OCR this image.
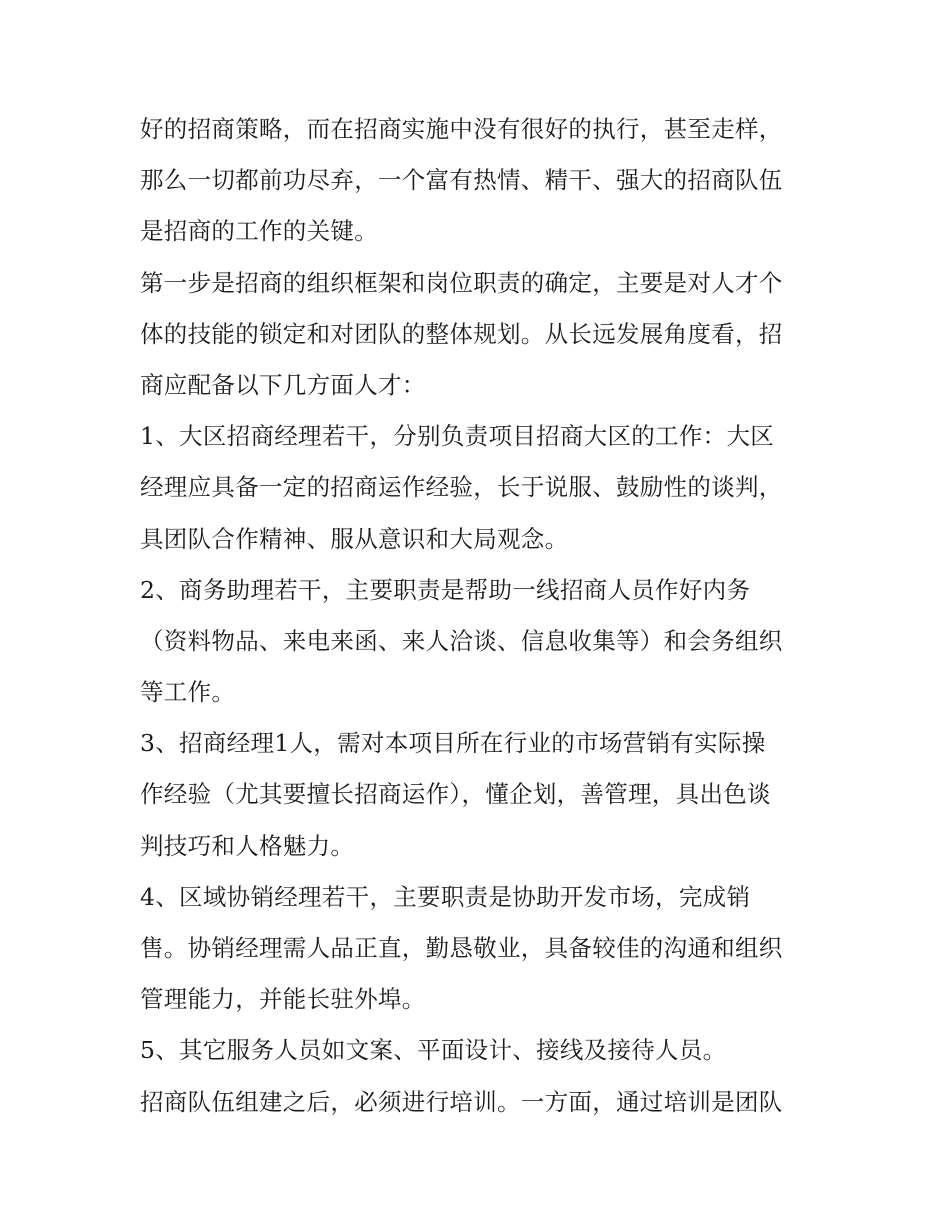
好的招商策略，而在招商实施中没有很好的执行，甚至走样，
那么一切都前功尽弃，一个富有热情、精干、强大的招商队伍
是招商的工作的关键。
第一步是招商的组织框架和岗位职责的确定，主要是对人才个
体的技能的锁定和对团队的整体规划。从长远发展角度看，招
商应配备以下几方面人才：
1、大区招商经理若干，分别负责项目招商大区的工作：大区
经理应具备一定的招商运作经验，长于说服、鼓励性的谈判，
具团队合作精神、服从意识和大局观念。
2、商务助理若干，主要职责是帮助一线招商人员作好内务
（资料物品、来电来函、来人洽谈、信息收集等）和会务组织
等工作。
3、招商经理1人，需对本项目所在行业的市场营销有实际操
作经验（尤其要擅长招商运作），懂企划，善管理，具出色谈
判技巧和人格魅力。
4、区域协销经理若干，主要职责是协助开发市场，完成销
售。协销经理需人品正直，勤恳敬业，具备较佳的沟通和组织
管理能力，并能长驻外埠。
5、其它服务人员如文案、平面设计、接线及接待人员。
招商队伍组建之后，必须进行培训。一方面，通过培训是团队
